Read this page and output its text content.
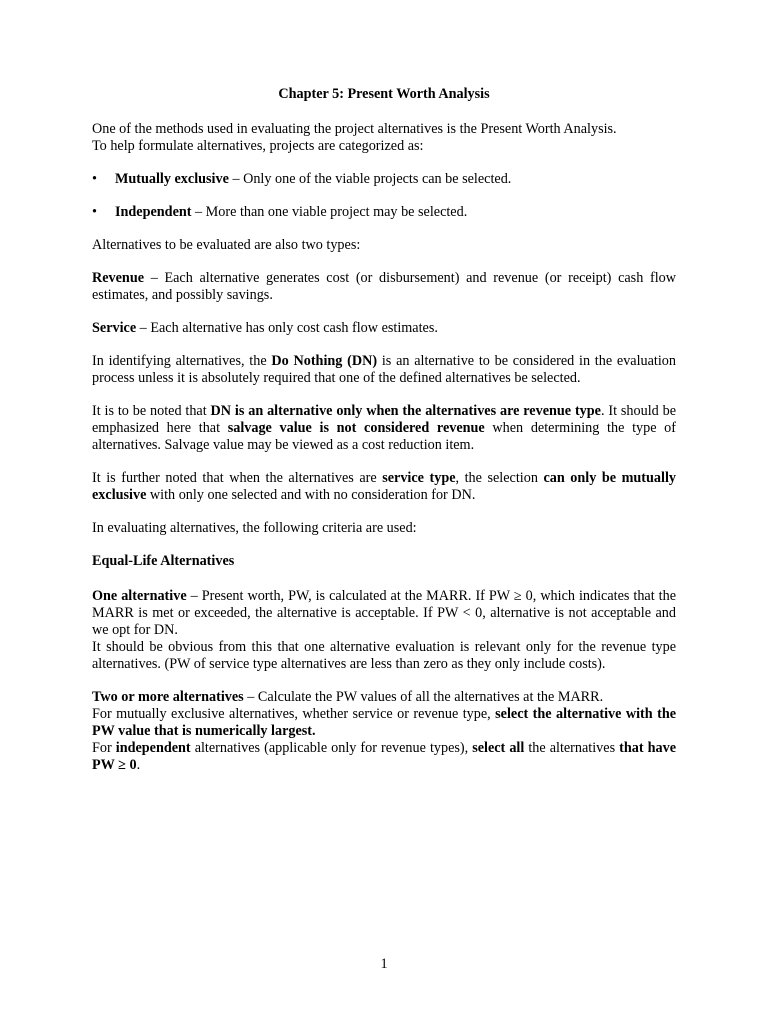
Chapter 5: Present Worth Analysis

One of the methods used in evaluating the project alternatives is the Present Worth Analysis.
To help formulate alternatives, projects are categorized as:

• Mutually exclusive – Only one of the viable projects can be selected.
• Independent – More than one viable project may be selected.

Alternatives to be evaluated are also two types:

Revenue – Each alternative generates cost (or disbursement) and revenue (or receipt) cash flow estimates, and possibly savings.

Service – Each alternative has only cost cash flow estimates.

In identifying alternatives, the Do Nothing (DN) is an alternative to be considered in the evaluation process unless it is absolutely required that one of the defined alternatives be selected.

It is to be noted that DN is an alternative only when the alternatives are revenue type. It should be emphasized here that salvage value is not considered revenue when determining the type of alternatives. Salvage value may be viewed as a cost reduction item.

It is further noted that when the alternatives are service type, the selection can only be mutually exclusive with only one selected and with no consideration for DN.

In evaluating alternatives, the following criteria are used:

Equal-Life Alternatives

One alternative – Present worth, PW, is calculated at the MARR. If PW ≥ 0, which indicates that the MARR is met or exceeded, the alternative is acceptable. If PW < 0, alternative is not acceptable and we opt for DN.
It should be obvious from this that one alternative evaluation is relevant only for the revenue type alternatives. (PW of service type alternatives are less than zero as they only include costs).

Two or more alternatives – Calculate the PW values of all the alternatives at the MARR.
For mutually exclusive alternatives, whether service or revenue type, select the alternative with the PW value that is numerically largest.
For independent alternatives (applicable only for revenue types), select all the alternatives that have PW ≥ 0.

1
